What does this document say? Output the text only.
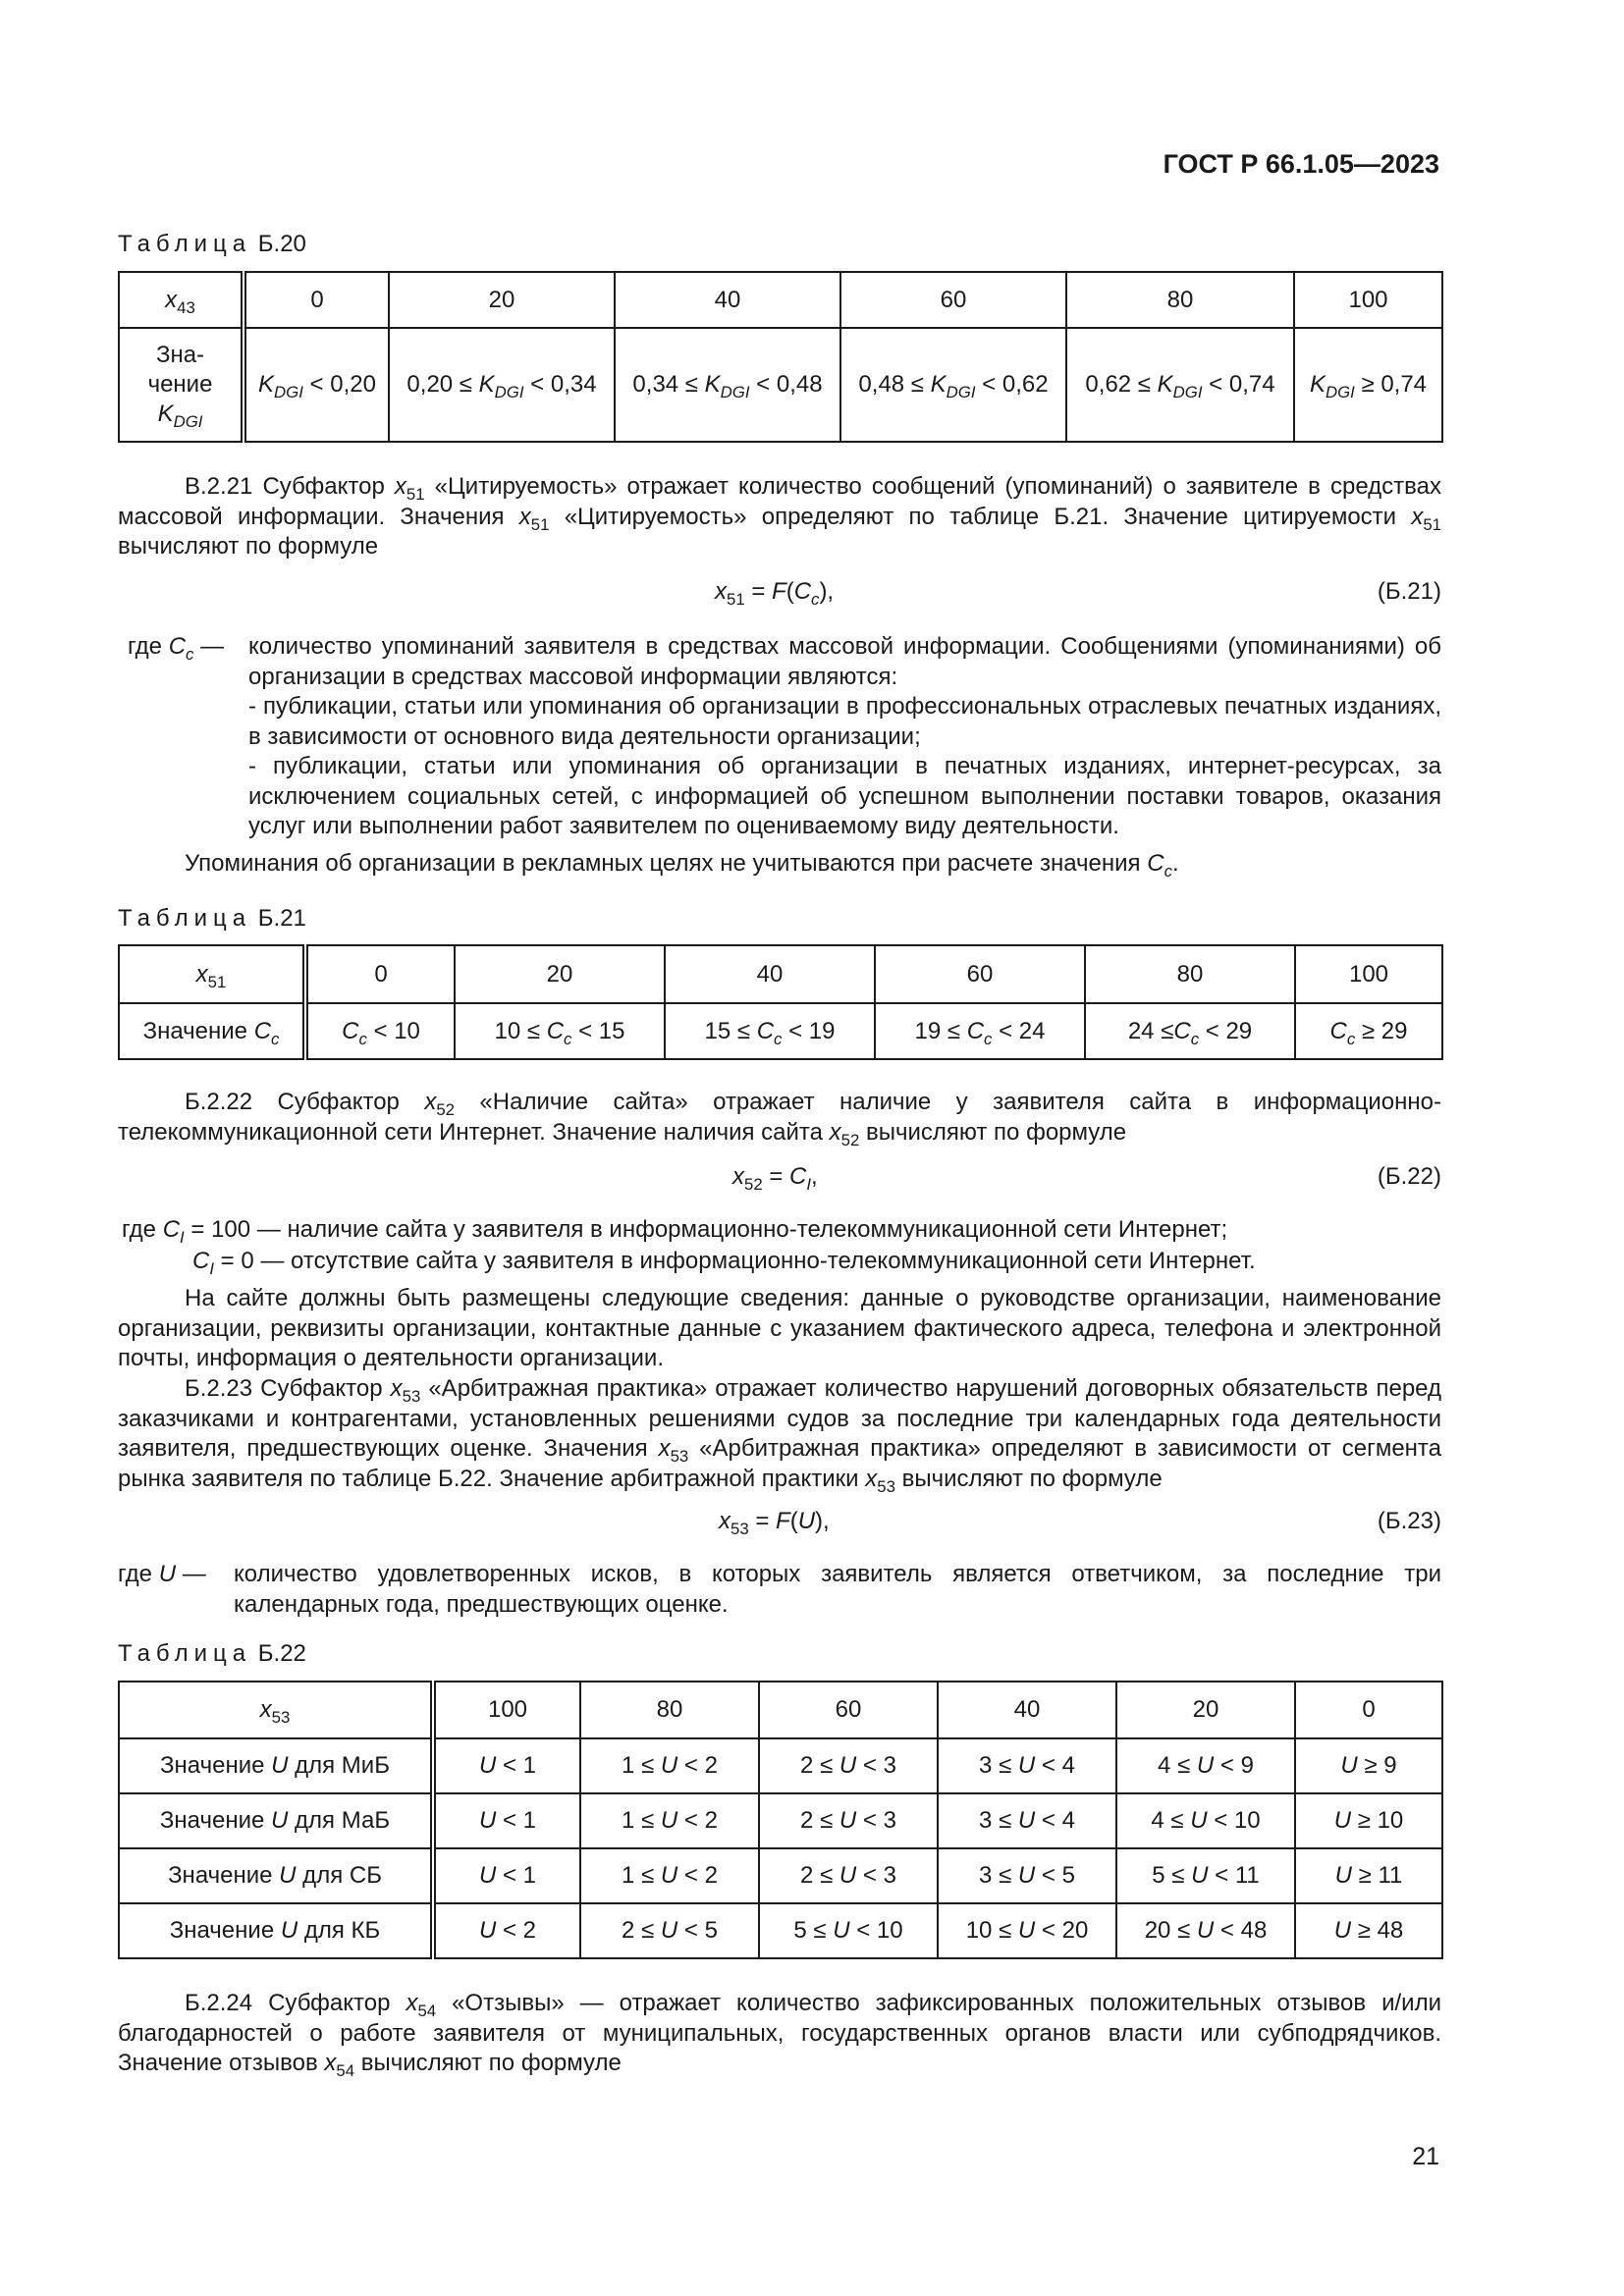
ГОСТ Р 66.1.05—2023
Таблица Б.20
$x_{43}$	0	20	40	60	80	100
Зна-
чение
$K_{DGI}$	$K_{DGI} < 0,20$	$0,20 \le K_{DGI} < 0,34$	$0,34 \le K_{DGI} < 0,48$	$0,48 \le K_{DGI} < 0,62$	$0,62 \le K_{DGI} < 0,74$	$K_{DGI} \ge 0,74$
В.2.21 Субфактор $x_{51}$ «Цитируемость» отражает количество сообщений (упоминаний) о заявителе в средствах массовой информации. Значения $x_{51}$ «Цитируемость» определяют по таблице Б.21. Значение цитируемости $x_{51}$ вычисляют по формуле
$x_{51} = F(C_c)$,	(Б.21)
где $C_c$ — количество упоминаний заявителя в средствах массовой информации. Сообщениями (упоминаниями) об организации в средствах массовой информации являются:
- публикации, статьи или упоминания об организации в профессиональных отраслевых печатных изданиях, в зависимости от основного вида деятельности организации;
- публикации, статьи или упоминания об организации в печатных изданиях, интернет-ресурсах, за исключением социальных сетей, с информацией об успешном выполнении поставки товаров, оказания услуг или выполнении работ заявителем по оцениваемому виду деятельности.
Упоминания об организации в рекламных целях не учитываются при расчете значения $C_c$.
Таблица Б.21
$x_{51}$	0	20	40	60	80	100
Значение $C_c$	$C_c < 10$	$10 \le C_c < 15$	$15 \le C_c < 19$	$19 \le C_c < 24$	$24 \le C_c < 29$	$C_c \ge 29$
Б.2.22 Субфактор $x_{52}$ «Наличие сайта» отражает наличие у заявителя сайта в информационно-телекоммуникационной сети Интернет. Значение наличия сайта $x_{52}$ вычисляют по формуле
$x_{52} = C_I$,	(Б.22)
где $C_I = 100$ — наличие сайта у заявителя в информационно-телекоммуникационной сети Интернет;
$C_I = 0$ — отсутствие сайта у заявителя в информационно-телекоммуникационной сети Интернет.
На сайте должны быть размещены следующие сведения: данные о руководстве организации, наименование организации, реквизиты организации, контактные данные с указанием фактического адреса, телефона и электронной почты, информация о деятельности организации.
Б.2.23 Субфактор $x_{53}$ «Арбитражная практика» отражает количество нарушений договорных обязательств перед заказчиками и контрагентами, установленных решениями судов за последние три календарных года деятельности заявителя, предшествующих оценке. Значения $x_{53}$ «Арбитражная практика» определяют в зависимости от сегмента рынка заявителя по таблице Б.22. Значение арбитражной практики $x_{53}$ вычисляют по формуле
$x_{53} = F(U)$,	(Б.23)
где U — количество удовлетворенных исков, в которых заявитель является ответчиком, за последние три календарных года, предшествующих оценке.
Таблица Б.22
$x_{53}$	100	80	60	40	20	0
Значение U для МиБ	U < 1	1 ≤ U < 2	2 ≤ U < 3	3 ≤ U < 4	4 ≤ U < 9	U ≥ 9
Значение U для МаБ	U < 1	1 ≤ U < 2	2 ≤ U < 3	3 ≤ U < 4	4 ≤ U < 10	U ≥ 10
Значение U для СБ	U < 1	1 ≤ U < 2	2 ≤ U < 3	3 ≤ U < 5	5 ≤ U < 11	U ≥ 11
Значение U для КБ	U < 2	2 ≤ U < 5	5 ≤ U < 10	10 ≤ U < 20	20 ≤ U < 48	U ≥ 48
Б.2.24 Субфактор $x_{54}$ «Отзывы» — отражает количество зафиксированных положительных отзывов и/или благодарностей о работе заявителя от муниципальных, государственных органов власти или субподрядчиков. Значение отзывов $x_{54}$ вычисляют по формуле
21
